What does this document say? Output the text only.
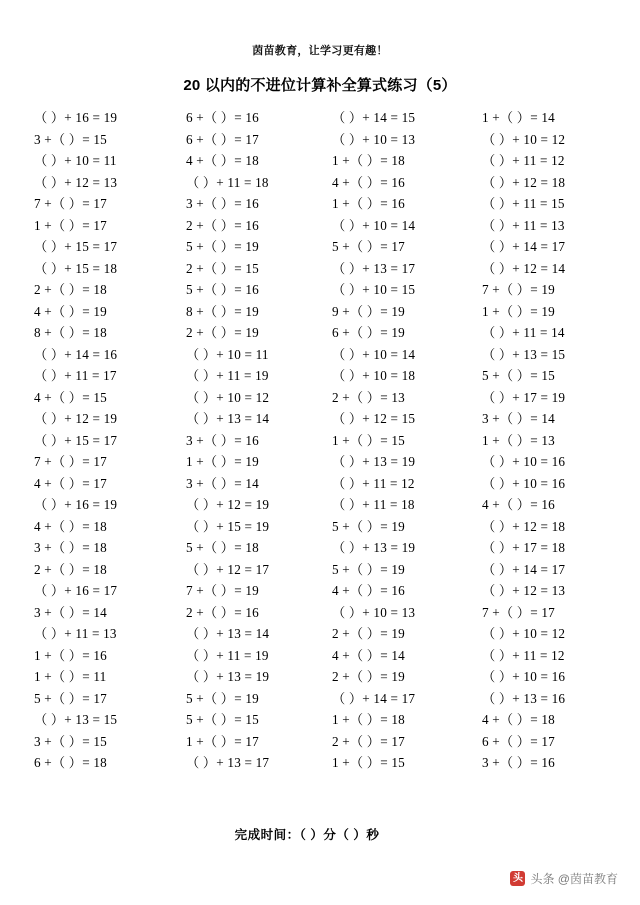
茵苗教育，让学习更有趣！
20 以内的不进位计算补全算式练习（5）
（ ）+ 16 = 19	6 +（ ）= 16	（ ）+ 14 = 15	1 +（ ）= 14
3 +（ ）= 15	6 +（ ）= 17	（ ）+ 10 = 13	（ ）+ 10 = 12
（ ）+ 10 = 11	4 +（ ）= 18	1 +（ ）= 18	（ ）+ 11 = 12
（ ）+ 12 = 13	（ ）+ 11 = 18	4 +（ ）= 16	（ ）+ 12 = 18
7 +（ ）= 17	3 +（ ）= 16	1 +（ ）= 16	（ ）+ 11 = 15
1 +（ ）= 17	2 +（ ）= 16	（ ）+ 10 = 14	（ ）+ 11 = 13
（ ）+ 15 = 17	5 +（ ）= 19	5 +（ ）= 17	（ ）+ 14 = 17
（ ）+ 15 = 18	2 +（ ）= 15	（ ）+ 13 = 17	（ ）+ 12 = 14
2 +（ ）= 18	5 +（ ）= 16	（ ）+ 10 = 15	7 +（ ）= 19
4 +（ ）= 19	8 +（ ）= 19	9 +（ ）= 19	1 +（ ）= 19
8 +（ ）= 18	2 +（ ）= 19	6 +（ ）= 19	（ ）+ 11 = 14
（ ）+ 14 = 16	（ ）+ 10 = 11	（ ）+ 10 = 14	（ ）+ 13 = 15
（ ）+ 11 = 17	（ ）+ 11 = 19	（ ）+ 10 = 18	5 +（ ）= 15
4 +（ ）= 15	（ ）+ 10 = 12	2 +（ ）= 13	（ ）+ 17 = 19
（ ）+ 12 = 19	（ ）+ 13 = 14	（ ）+ 12 = 15	3 +（ ）= 14
（ ）+ 15 = 17	3 +（ ）= 16	1 +（ ）= 15	1 +（ ）= 13
7 +（ ）= 17	1 +（ ）= 19	（ ）+ 13 = 19	（ ）+ 10 = 16
4 +（ ）= 17	3 +（ ）= 14	（ ）+ 11 = 12	（ ）+ 10 = 16
（ ）+ 16 = 19	（ ）+ 12 = 19	（ ）+ 11 = 18	4 +（ ）= 16
4 +（ ）= 18	（ ）+ 15 = 19	5 +（ ）= 19	（ ）+ 12 = 18
3 +（ ）= 18	5 +（ ）= 18	（ ）+ 13 = 19	（ ）+ 17 = 18
2 +（ ）= 18	（ ）+ 12 = 17	5 +（ ）= 19	（ ）+ 14 = 17
（ ）+ 16 = 17	7 +（ ）= 19	4 +（ ）= 16	（ ）+ 12 = 13
3 +（ ）= 14	2 +（ ）= 16	（ ）+ 10 = 13	7 +（ ）= 17
（ ）+ 11 = 13	（ ）+ 13 = 14	2 +（ ）= 19	（ ）+ 10 = 12
1 +（ ）= 16	（ ）+ 11 = 19	4 +（ ）= 14	（ ）+ 11 = 12
1 +（ ）= 11	（ ）+ 13 = 19	2 +（ ）= 19	（ ）+ 10 = 16
5 +（ ）= 17	5 +（ ）= 19	（ ）+ 14 = 17	（ ）+ 13 = 16
（ ）+ 13 = 15	5 +（ ）= 15	1 +（ ）= 18	4 +（ ）= 18
3 +（ ）= 15	1 +（ ）= 17	2 +（ ）= 17	6 +（ ）= 17
6 +（ ）= 18	（ ）+ 13 = 17	1 +（ ）= 15	3 +（ ）= 16
完成时间：（ ）分（ ）秒
头 头条 @茵苗教育
